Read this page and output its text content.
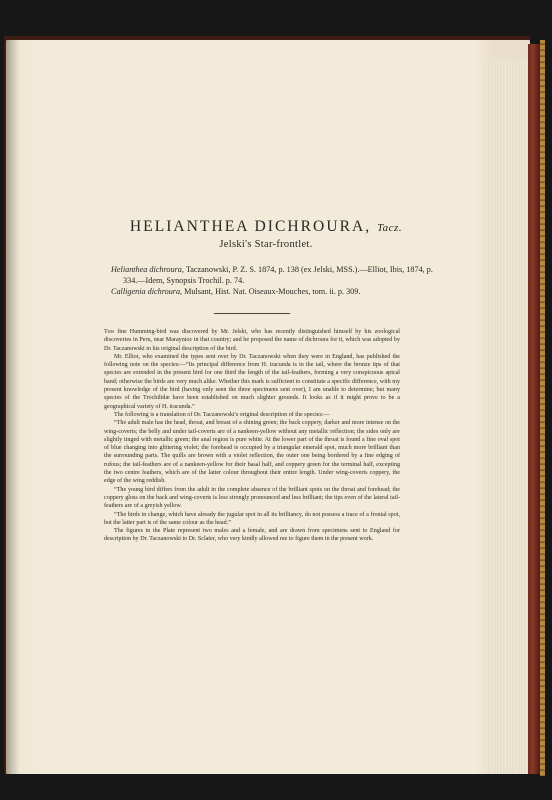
HELIANTHEA DICHROURA, Tacz.
Jelski's Star-frontlet.
Helianthea dichroura, Taczanowski, P. Z. S. 1874, p. 138 (ex Jelski, MSS.).—Elliot, Ibis, 1874, p. 334.—Idem, Synopsis Trochil. p. 74.
Calligenia dichroura, Mulsant, Hist. Nat. Oiseaux-Mouches, tom. ii. p. 309.

This fine Humming-bird was discovered by Mr. Jelski, who has recently distinguished himself by his zoological discoveries in Peru, near Maraynioc in that country; and he proposed the name of dichroura for it, which was adopted by Dr. Taczanowski in his original description of the bird.

Mr. Elliot, who examined the types sent over by Dr. Taczanowski when they were in England, has published the following note on the species:—“Its principal difference from H. iracunda is in the tail, where the bronze tips of that species are extended in the present bird for one third the length of the tail-feathers, forming a very conspicuous apical band; otherwise the birds are very much alike. Whether this mark is sufficient to constitute a specific difference, with my present knowledge of the bird (having only seen the three specimens sent over), I am unable to determine; but many species of the Trochilidæ have been established on much slighter grounds. It looks as if it might prove to be a geographical variety of H. iracunda.”

The following is a translation of Dr. Taczanowski's original description of the species:—

“The adult male has the head, throat, and breast of a shining green; the back coppery, darker and more intense on the wing-coverts; the belly and under tail-coverts are of a nankeen-yellow without any metallic reflection; the sides only are slightly tinged with metallic green; the anal region is pure white. At the lower part of the throat is found a fine oval spot of blue changing into glittering violet; the forehead is occupied by a triangular emerald spot, much more brilliant than the surrounding parts. The quills are brown with a violet reflection, the outer one being bordered by a fine edging of rufous; the tail-feathers are of a nankeen-yellow for their basal half, and coppery green for the terminal half, excepting the two centre feathers, which are of the latter colour throughout their entire length. Under wing-coverts coppery, the edge of the wing reddish.

“The young bird differs from the adult in the complete absence of the brilliant spots on the throat and forehead; the coppery gloss on the back and wing-coverts is less strongly pronounced and less brilliant; the tips even of the lateral tail-feathers are of a greyish yellow.

“The birds in change, which have already the jugular spot in all its brilliancy, do not possess a trace of a frontal spot, but the latter part is of the same colour as the head.”

The figures in the Plate represent two males and a female, and are drawn from specimens sent to England for description by Dr. Taczanowski to Dr. Sclater, who very kindly allowed me to figure them in the present work.
